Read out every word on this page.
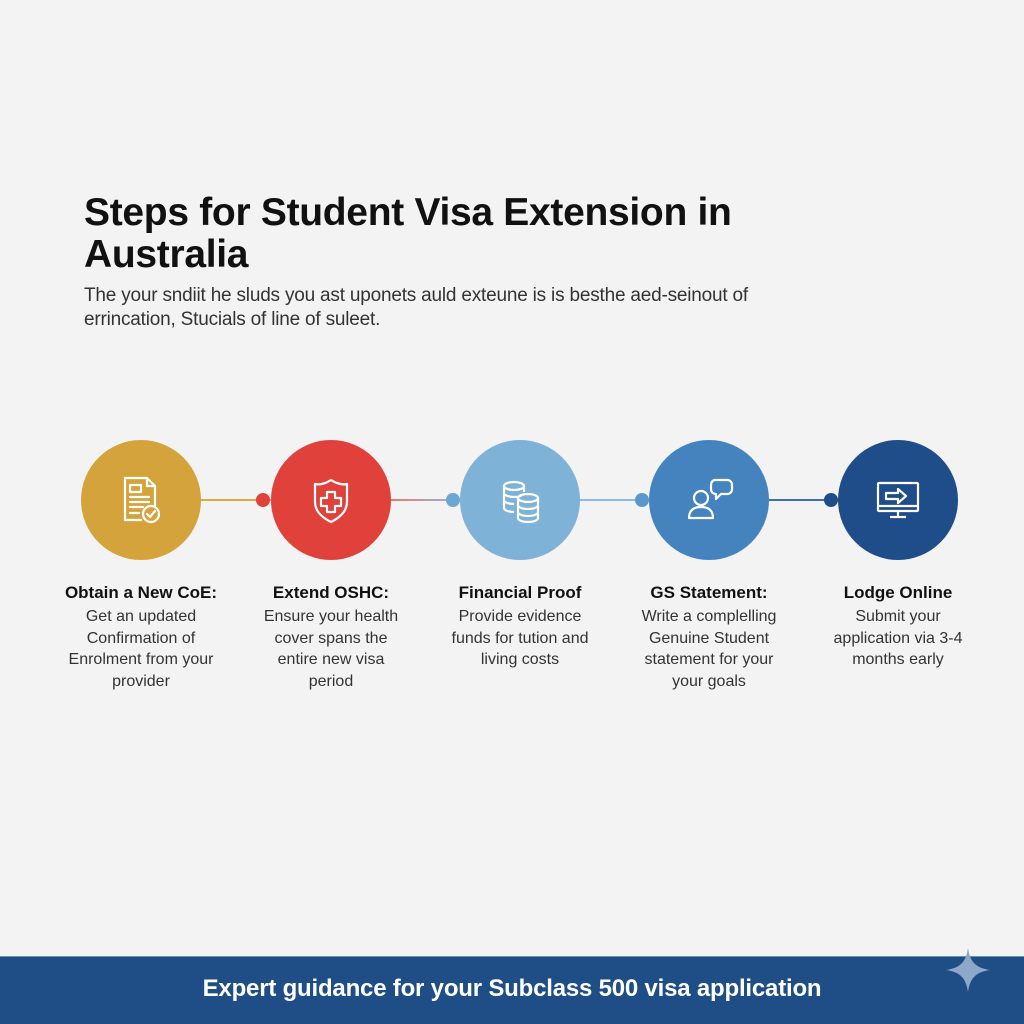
Steps for Student Visa Extension in Australia

The your sndiit he sluds you ast uponets auld exteune is is besthe aed-seinout of errincation, Stucials of line of suleet.

Obtain a New CoE:
Get an updated Confirmation of Enrolment from your provider
Extend OSHC:
Ensure your health cover spans the entire new visa period
Financial Proof
Provide evidence funds for tution and living costs
GS Statement:
Write a complelling Genuine Student statement for your your goals
Lodge Online
Submit your application via 3-4 months early
Expert guidance for your Subclass 500 visa application
